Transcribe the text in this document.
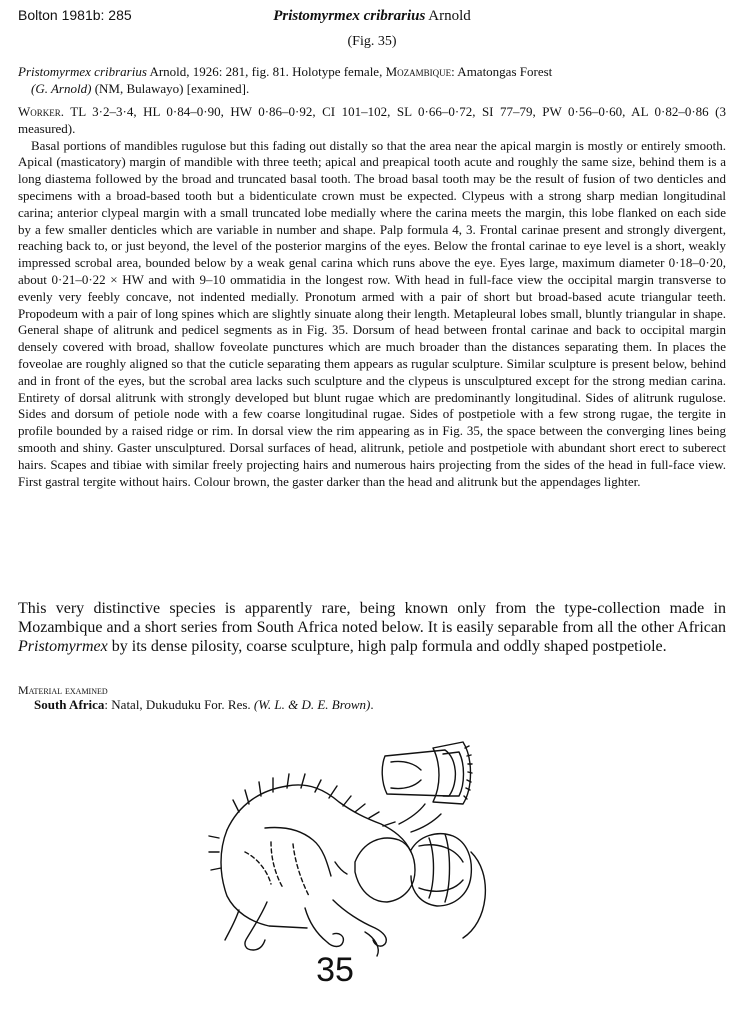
Bolton 1981b: 285	Pristomyrmex cribrarius Arnold
(Fig. 35)
Pristomyrmex cribrarius Arnold, 1926: 281, fig. 81. Holotype female, Mozambique: Amatongas Forest
(G. Arnold) (NM, Bulawayo) [examined].

Worker. TL 3·2–3·4, HL 0·84–0·90, HW 0·86–0·92, CI 101–102, SL 0·66–0·72, SI 77–79, PW 0·56–0·60, AL 0·82–0·86 (3 measured).

Basal portions of mandibles rugulose but this fading out distally so that the area near the apical margin is mostly or entirely smooth. Apical (masticatory) margin of mandible with three teeth; apical and preapical tooth acute and roughly the same size, behind them is a long diastema followed by the broad and truncated basal tooth. The broad basal tooth may be the result of fusion of two denticles and specimens with a broad-based tooth but a bidenticulate crown must be expected. Clypeus with a strong sharp median longitudinal carina; anterior clypeal margin with a small truncated lobe medially where the carina meets the margin, this lobe flanked on each side by a few smaller denticles which are variable in number and shape. Palp formula 4, 3. Frontal carinae present and strongly divergent, reaching back to, or just beyond, the level of the posterior margins of the eyes. Below the frontal carinae to eye level is a short, weakly impressed scrobal area, bounded below by a weak genal carina which runs above the eye. Eyes large, maximum diameter 0·18–0·20, about 0·21–0·22 × HW and with 9–10 ommatidia in the longest row. With head in full-face view the occipital margin transverse to evenly very feebly concave, not indented medially. Pronotum armed with a pair of short but broad-based acute triangular teeth. Propodeum with a pair of long spines which are slightly sinuate along their length. Metapleural lobes small, bluntly triangular in shape. General shape of alitrunk and pedicel segments as in Fig. 35. Dorsum of head between frontal carinae and back to occipital margin densely covered with broad, shallow foveolate punctures which are much broader than the distances separating them. In places the foveolae are roughly aligned so that the cuticle separating them appears as rugular sculpture. Similar sculpture is present below, behind and in front of the eyes, but the scrobal area lacks such sculpture and the clypeus is unsculptured except for the strong median carina. Entirety of dorsal alitrunk with strongly developed but blunt rugae which are predominantly longitudinal. Sides of alitrunk rugulose. Sides and dorsum of petiole node with a few coarse longitudinal rugae. Sides of postpetiole with a few strong rugae, the tergite in profile bounded by a raised ridge or rim. In dorsal view the rim appearing as in Fig. 35, the space between the converging lines being smooth and shiny. Gaster unsculptured. Dorsal surfaces of head, alitrunk, petiole and postpetiole with abundant short erect to suberect hairs. Scapes and tibiae with similar freely projecting hairs and numerous hairs projecting from the sides of the head in full-face view. First gastral tergite without hairs. Colour brown, the gaster darker than the head and alitrunk but the appendages lighter.

This very distinctive species is apparently rare, being known only from the type-collection made in Mozambique and a short series from South Africa noted below. It is easily separable from all the other African Pristomyrmex by its dense pilosity, coarse sculpture, high palp formula and oddly shaped postpetiole.
Material examined
South Africa: Natal, Dukuduku For. Res. (W. L. & D. E. Brown).
35
